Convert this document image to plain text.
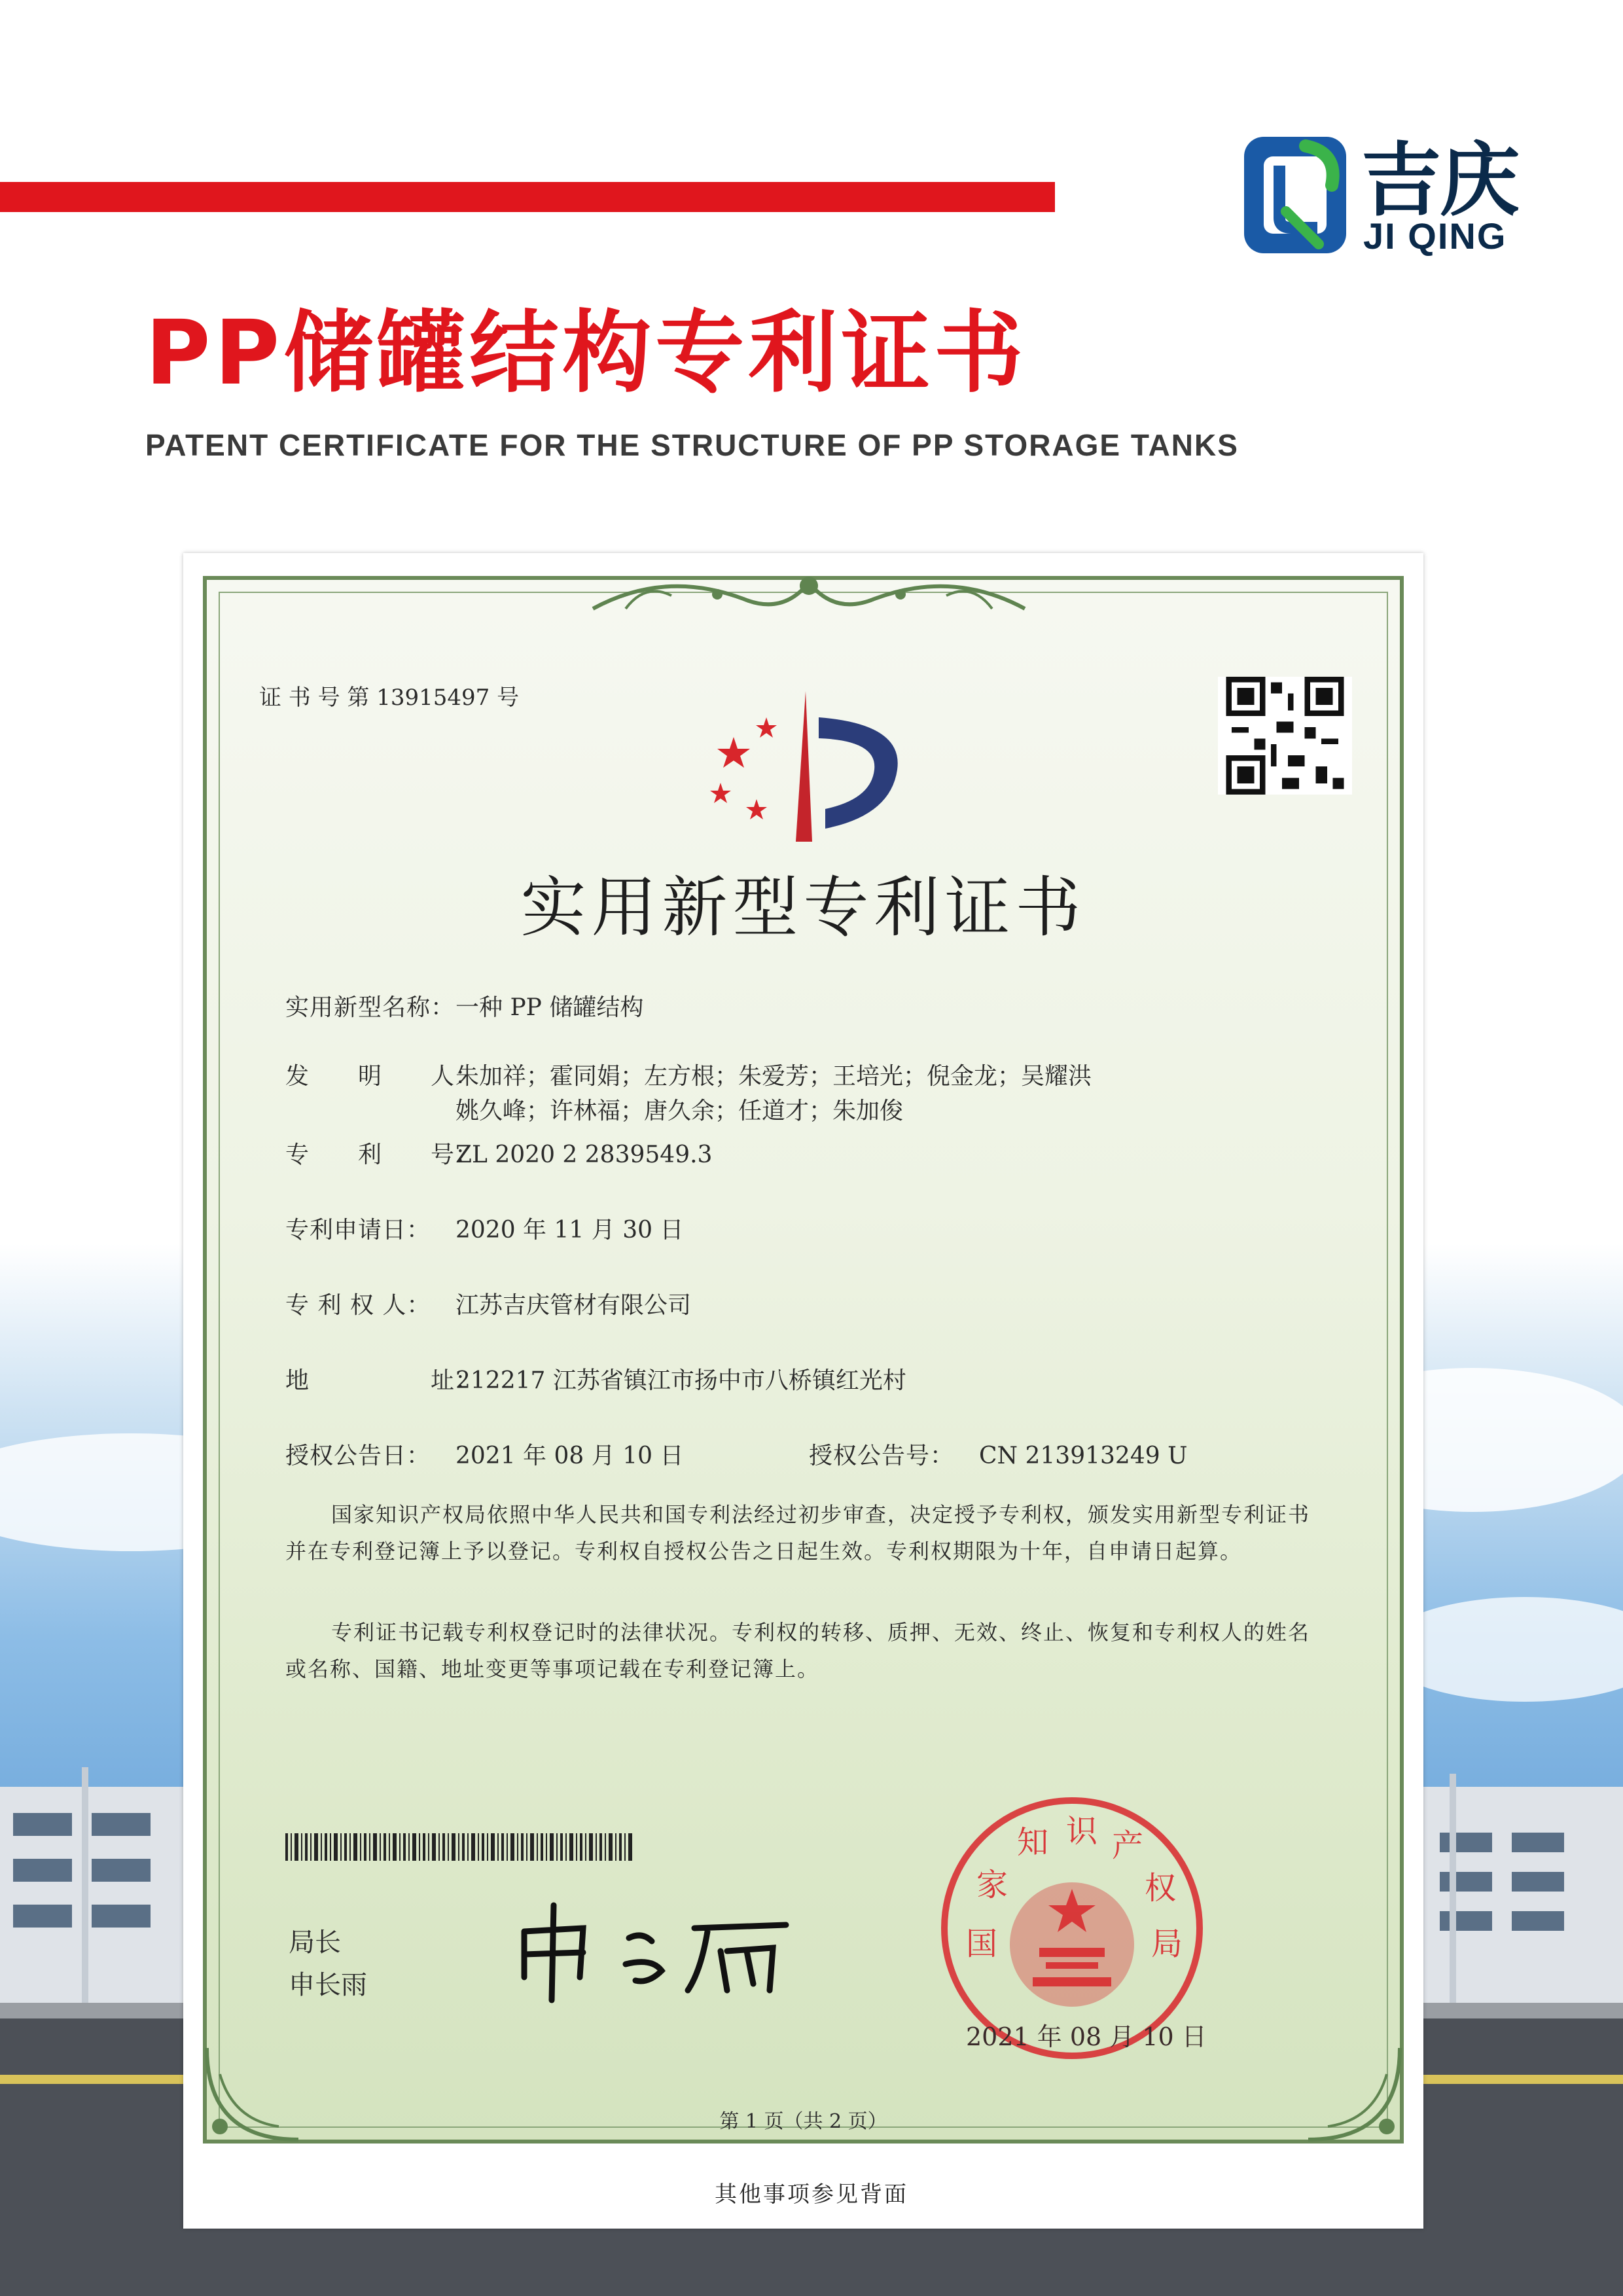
吉庆
JI QING
PP储罐结构专利证书
PATENT CERTIFICATE FOR THE STRUCTURE OF PP STORAGE TANKS
证 书 号 第 13915497 号
实用新型专利证书
实用新型名称：一种 PP 储罐结构
发　　明　　人：朱加祥；霍同娟；左方根；朱爱芳；王培光；倪金龙；吴耀洪
姚久峰；许林福；唐久余；任道才；朱加俊
专　　利　　号：ZL 2020 2 2839549.3
专利申请日： 2020 年 11 月 30 日
专 利 权 人： 江苏吉庆管材有限公司
地　　　　　址：212217 江苏省镇江市扬中市八桥镇红光村
授权公告日： 2021 年 08 月 10 日	授权公告号： CN 213913249 U
国家知识产权局依照中华人民共和国专利法经过初步审查，决定授予专利权，颁发实用新型专利证书并在专利登记簿上予以登记。专利权自授权公告之日起生效。专利权期限为十年，自申请日起算。
专利证书记载专利权登记时的法律状况。专利权的转移、质押、无效、终止、恢复和专利权人的姓名或名称、国籍、地址变更等事项记载在专利登记簿上。
局长
申长雨
国
家
知 识 产
权
局
2021 年 08 月 10 日
第 1 页（共 2 页）
其他事项参见背面
